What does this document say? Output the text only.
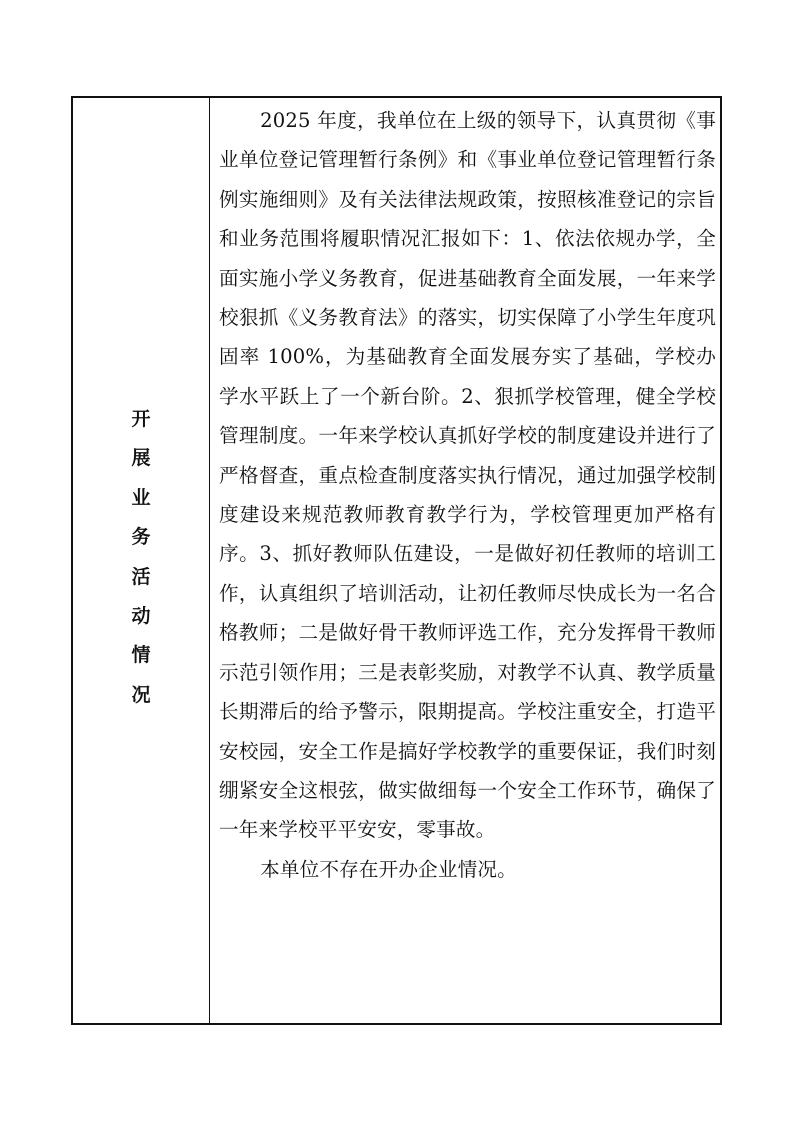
开
展
业
务
活
动
情
况

2025 年度，我单位在上级的领导下，认真贯彻《事业单位登记管理暂行条例》和《事业单位登记管理暂行条例实施细则》及有关法律法规政策，按照核准登记的宗旨和业务范围将履职情况汇报如下：1、依法依规办学，全面实施小学义务教育，促进基础教育全面发展，一年来学校狠抓《义务教育法》的落实，切实保障了小学生年度巩固率 100%，为基础教育全面发展夯实了基础，学校办学水平跃上了一个新台阶。2、狠抓学校管理，健全学校管理制度。一年来学校认真抓好学校的制度建设并进行了严格督查，重点检查制度落实执行情况，通过加强学校制度建设来规范教师教育教学行为，学校管理更加严格有序。3、抓好教师队伍建设，一是做好初任教师的培训工作，认真组织了培训活动，让初任教师尽快成长为一名合格教师；二是做好骨干教师评选工作，充分发挥骨干教师示范引领作用；三是表彰奖励，对教学不认真、教学质量长期滞后的给予警示，限期提高。学校注重安全，打造平安校园，安全工作是搞好学校教学的重要保证，我们时刻绷紧安全这根弦，做实做细每一个安全工作环节，确保了一年来学校平平安安，零事故。

本单位不存在开办企业情况。
